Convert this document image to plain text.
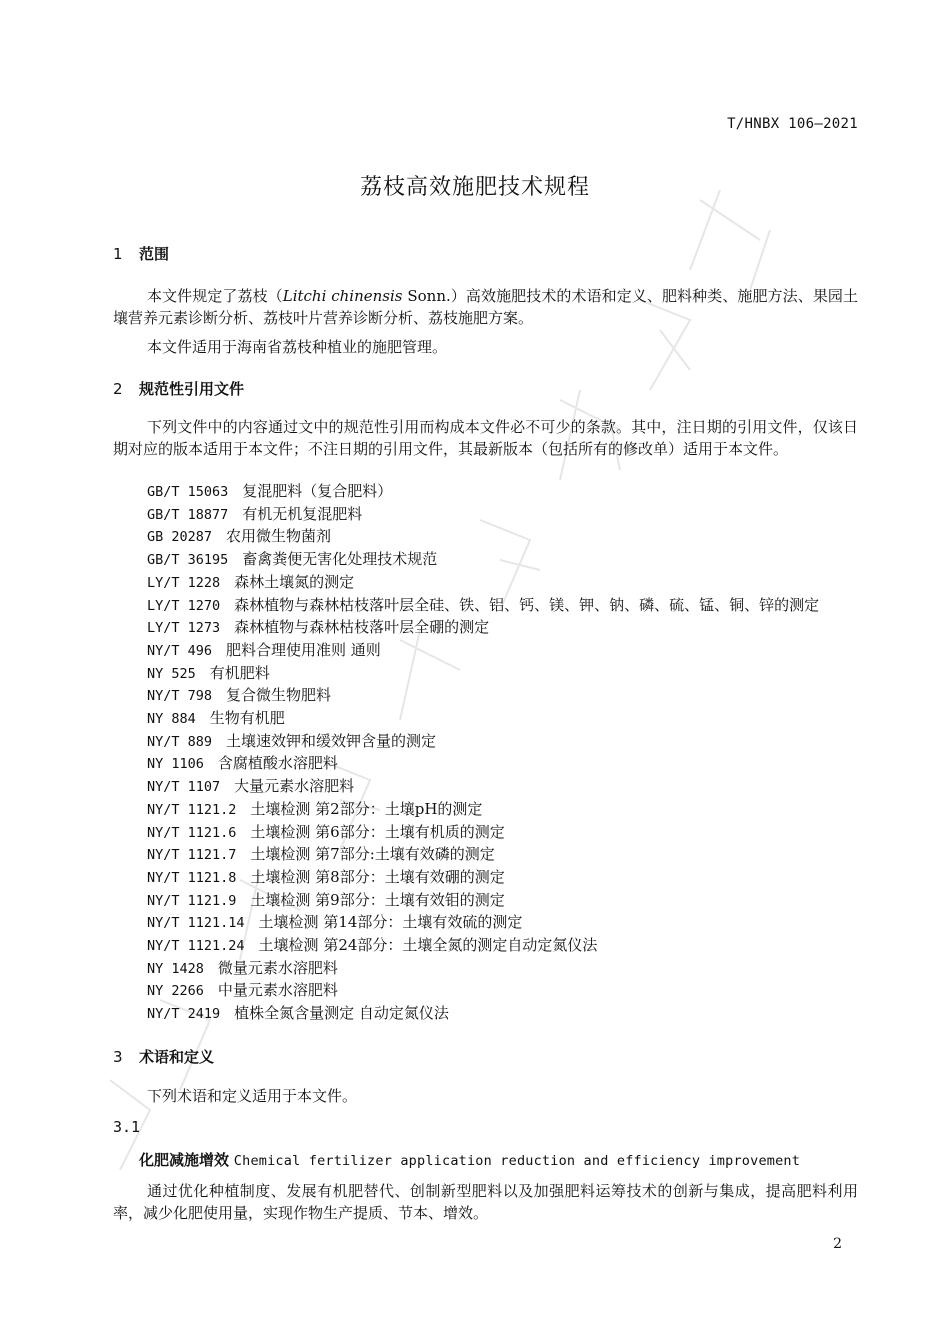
T/HNBX 106—2021
荔枝高效施肥技术规程
1 范围
本文件规定了荔枝（Litchi chinensis Sonn.）高效施肥技术的术语和定义、肥料种类、施肥方法、果园土壤营养元素诊断分析、荔枝叶片营养诊断分析、荔枝施肥方案。
本文件适用于海南省荔枝种植业的施肥管理。
2 规范性引用文件
下列文件中的内容通过文中的规范性引用而构成本文件必不可少的条款。其中，注日期的引用文件，仅该日期对应的版本适用于本文件；不注日期的引用文件，其最新版本（包括所有的修改单）适用于本文件。
GB/T 15063 复混肥料（复合肥料）
GB/T 18877 有机无机复混肥料
GB 20287 农用微生物菌剂
GB/T 36195 畜禽粪便无害化处理技术规范
LY/T 1228 森林土壤氮的测定
LY/T 1270 森林植物与森林枯枝落叶层全硅、铁、铝、钙、镁、钾、钠、磷、硫、锰、铜、锌的测定
LY/T 1273 森林植物与森林枯枝落叶层全硼的测定
NY/T 496 肥料合理使用准则 通则
NY 525 有机肥料
NY/T 798 复合微生物肥料
NY 884 生物有机肥
NY/T 889 土壤速效钾和缓效钾含量的测定
NY 1106 含腐植酸水溶肥料
NY/T 1107 大量元素水溶肥料
NY/T 1121.2 土壤检测 第2部分：土壤pH的测定
NY/T 1121.6 土壤检测 第6部分：土壤有机质的测定
NY/T 1121.7 土壤检测 第7部分:土壤有效磷的测定
NY/T 1121.8 土壤检测 第8部分：土壤有效硼的测定
NY/T 1121.9 土壤检测 第9部分：土壤有效钼的测定
NY/T 1121.14 土壤检测 第14部分：土壤有效硫的测定
NY/T 1121.24 土壤检测 第24部分：土壤全氮的测定自动定氮仪法
NY 1428 微量元素水溶肥料
NY 2266 中量元素水溶肥料
NY/T 2419 植株全氮含量测定 自动定氮仪法
3 术语和定义
下列术语和定义适用于本文件。
3.1
化肥减施增效 Chemical fertilizer application reduction and efficiency improvement
通过优化种植制度、发展有机肥替代、创制新型肥料以及加强肥料运筹技术的创新与集成，提高肥料利用率，减少化肥使用量，实现作物生产提质、节本、增效。
2
